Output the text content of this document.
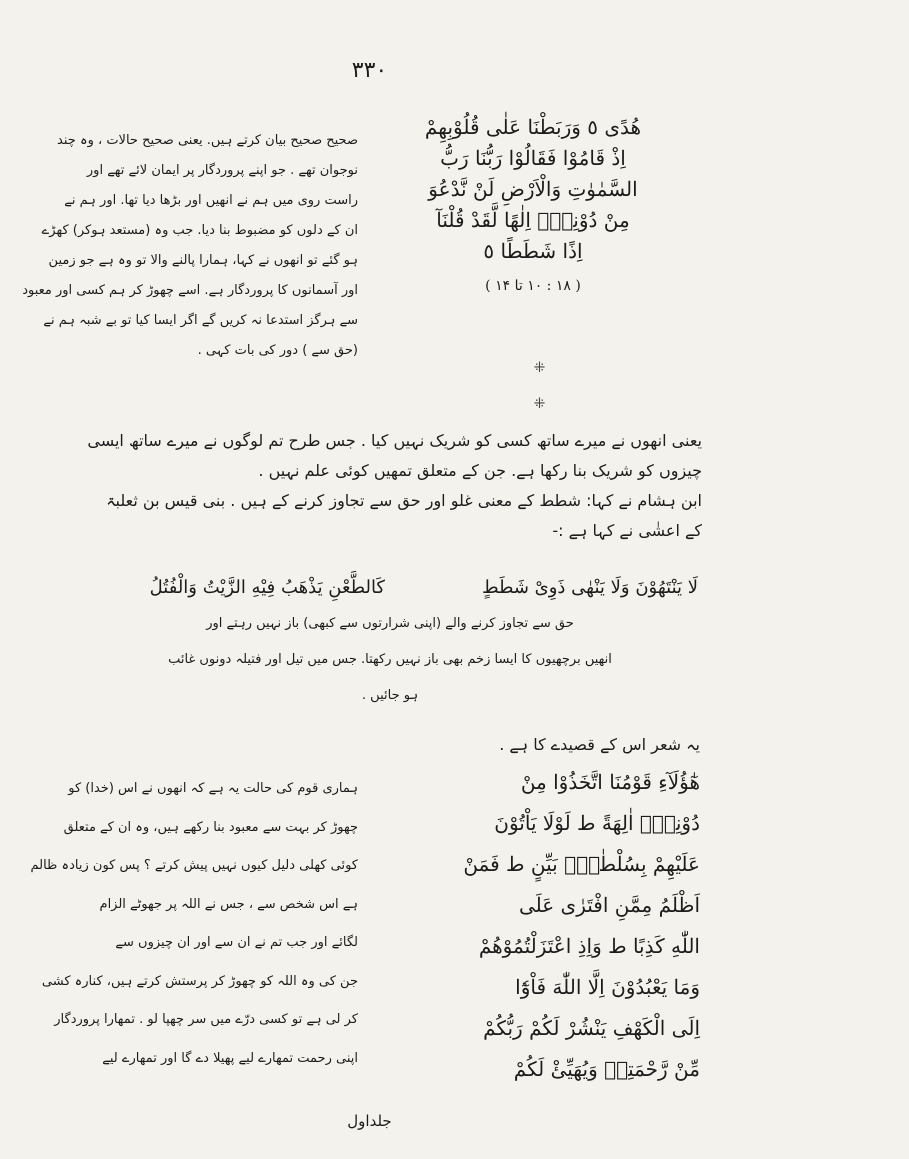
۳۳۰
هُدًى ٥ وَرَبَطْنَا عَلٰى قُلُوْبِهِمْ
اِذْ قَامُوْا فَقَالُوْا رَبُّنَا رَبُّ
السَّمٰوٰتِ وَالْاَرْضِ لَنْ نَّدْعُوَ
مِنْ دُوْنِهٖٓ اِلٰهًا لَّقَدْ قُلْنَآ
اِذًا شَطَطًا ٥
( ۱۸ : ۱۰ تا ۱۴ )
صحیح صحیح بیان کرتے ہیں. یعنی صحیح حالات ، وہ چند
نوجوان تھے . جو اپنے پروردگار پر ایمان لائے تھے اور
راست روی میں ہم نے انھیں اور بڑھا دیا تھا. اور ہم نے
ان کے دلوں کو مضبوط بنا دیا. جب وہ (مستعد ہوکر) کھڑے
ہو گئے تو انھوں نے کہا، ہمارا پالنے والا تو وہ ہے جو زمین
اور آسمانوں کا پروردگار ہے. اسے چھوڑ کر ہم کسی اور معبود
سے ہرگز استدعا نہ کریں گے اگر ایسا کیا تو بے شبہ ہم نے
(حق سے ) دور کی بات کہی .
⁜
⁜
یعنی انھوں نے میرے ساتھ کسی کو شریک نہیں کیا . جس طرح تم لوگوں نے میرے ساتھ ایسی
چیزوں کو شریک بنا رکھا ہے. جن کے متعلق تمھیں کوئی علم نہیں .
ابن ہشام نے کہا: شطط کے معنی غلو اور حق سے تجاوز کرنے کے ہیں . بنی قیس بن ثعلبۃ
کے اعشٰی نے کہا ہے :-
لَا يَنْتَهُوْنَ وَلَا يَنْهٰى ذَوِىْ شَطَطٍ
كَالطَّعْنِ يَذْهَبُ فِيْهِ الزَّيْتُ وَالْفُتُلُ
حق سے تجاوز کرنے والے (اپنی شرارتوں سے کبھی) باز نہیں رہتے اور
انھیں برچھیوں کا ایسا زخم بھی باز نہیں رکھتا. جس میں تیل اور فتیلہ دونوں غائب
ہو جائیں .
یہ شعر اس کے قصیدے کا ہے .
هٰٓؤُلَآءِ قَوْمُنَا اتَّخَذُوْا مِنْ
دُوْنِهٖٓ اٰلِهَةً ط لَوْلَا يَاْتُوْنَ
عَلَيْهِمْ بِسُلْطٰنٍۢ بَيِّنٍ ط فَمَنْ
اَظْلَمُ مِمَّنِ افْتَرٰى عَلَى
اللّٰهِ كَذِبًا ط وَاِذِ اعْتَزَلْتُمُوْهُمْ
وَمَا يَعْبُدُوْنَ اِلَّا اللّٰهَ فَاْوٗٓا
اِلَى الْكَهْفِ يَنْشُرْ لَكُمْ رَبُّكُمْ
مِّنْ رَّحْمَتِهٖ وَيُهَيِّئْ لَكُمْ
ہماری قوم کی حالت یہ ہے کہ انھوں نے اس (خدا) کو
چھوڑ کر بہت سے معبود بنا رکھے ہیں، وہ ان کے متعلق
کوئی کھلی دلیل کیوں نہیں پیش کرتے ؟ پس کون زیادہ ظالم
ہے اس شخص سے ، جس نے اللہ پر جھوٹے الزام
لگائے اور جب تم نے ان سے اور ان چیزوں سے
جن کی وہ اللہ کو چھوڑ کر پرستش کرتے ہیں، کنارہ کشی
کر لی ہے تو کسی درّے میں سر چھپا لو . تمھارا پروردگار
اپنی رحمت تمھارے لیے پھیلا دے گا اور تمھارے لیے
جلداول
